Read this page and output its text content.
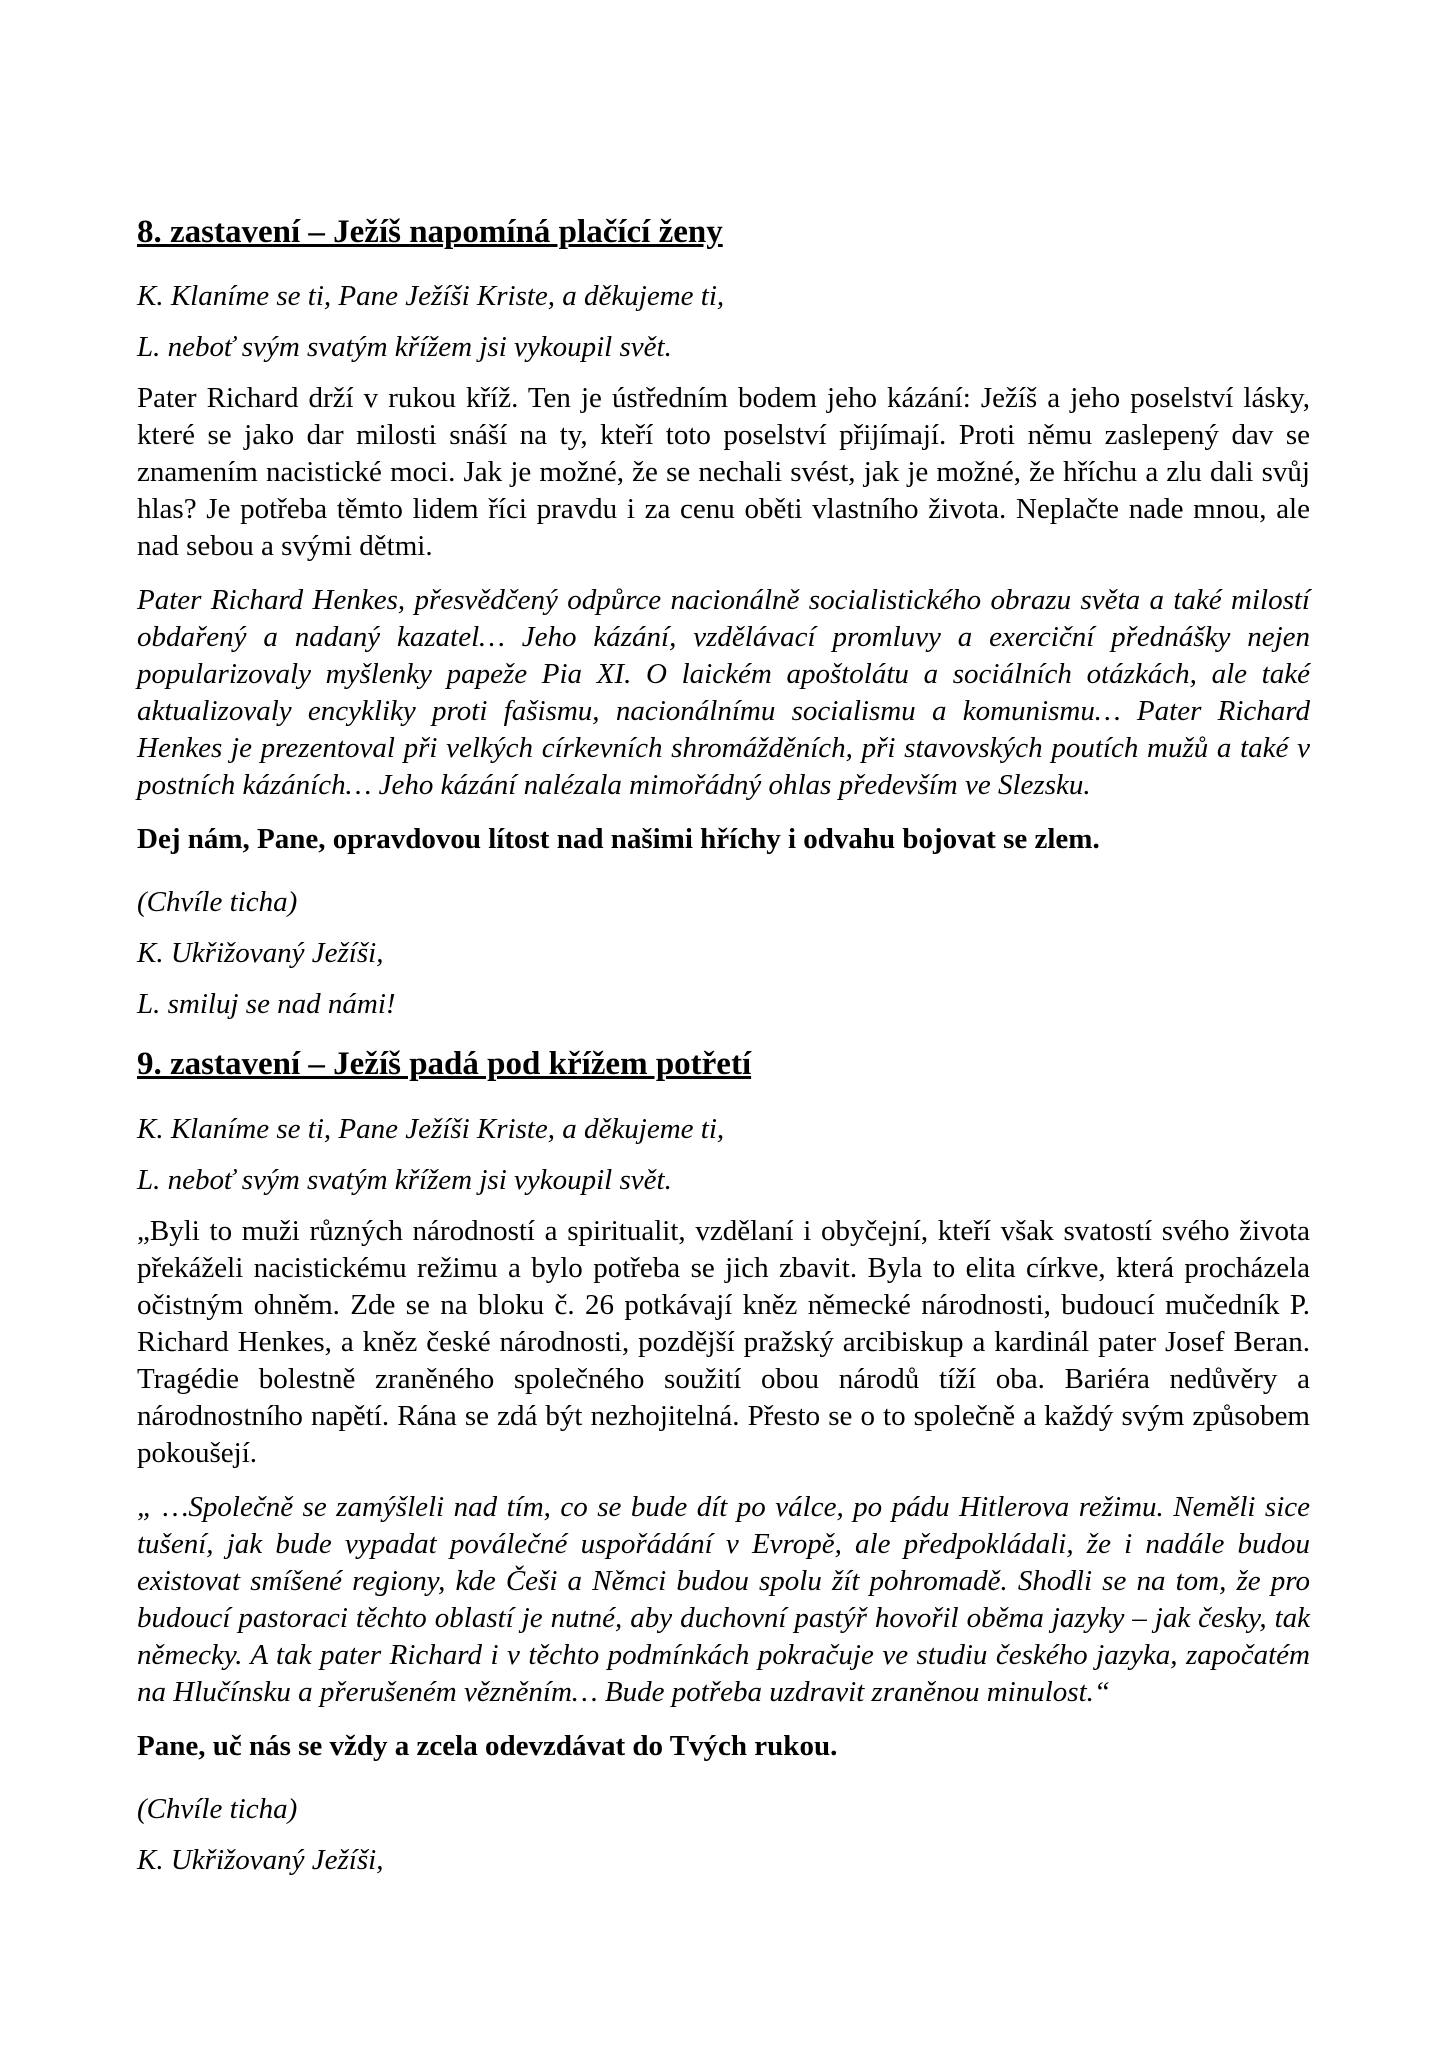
8. zastavení – Ježíš napomíná plačící ženy

K. Klaníme se ti, Pane Ježíši Kriste, a děkujeme ti,

L. neboť svým svatým křížem jsi vykoupil svět.

Pater Richard drží v rukou kříž. Ten je ústředním bodem jeho kázání: Ježíš a jeho poselství lásky, které se jako dar milosti snáší na ty, kteří toto poselství přijímají. Proti němu zaslepený dav se znamením nacistické moci. Jak je možné, že se nechali svést, jak je možné, že hříchu a zlu dali svůj hlas? Je potřeba těmto lidem říci pravdu i za cenu oběti vlastního života. Neplačte nade mnou, ale nad sebou a svými dětmi.

Pater Richard Henkes, přesvědčený odpůrce nacionálně socialistického obrazu světa a také milostí obdařený a nadaný kazatel… Jeho kázání, vzdělávací promluvy a exerciční přednášky nejen popularizovaly myšlenky papeže Pia XI. O laickém apoštolátu a sociálních otázkách, ale také aktualizovaly encykliky proti fašismu, nacionálnímu socialismu a komunismu… Pater Richard Henkes je prezentoval při velkých církevních shromážděních, při stavovských poutích mužů a také v postních kázáních… Jeho kázání nalézala mimořádný ohlas především ve Slezsku.

Dej nám, Pane, opravdovou lítost nad našimi hříchy i odvahu bojovat se zlem.

(Chvíle ticha)

K. Ukřižovaný Ježíši,

L. smiluj se nad námi!

9. zastavení – Ježíš padá pod křížem potřetí

K. Klaníme se ti, Pane Ježíši Kriste, a děkujeme ti,

L. neboť svým svatým křížem jsi vykoupil svět.

„Byli to muži různých národností a spiritualit, vzdělaní i obyčejní, kteří však svatostí svého života překáželi nacistickému režimu a bylo potřeba se jich zbavit. Byla to elita církve, která procházela očistným ohněm. Zde se na bloku č. 26 potkávají kněz německé národnosti, budoucí mučedník P. Richard Henkes, a kněz české národnosti, pozdější pražský arcibiskup a kardinál pater Josef Beran. Tragédie bolestně zraněného společného soužití obou národů tíží oba. Bariéra nedůvěry a národnostního napětí. Rána se zdá být nezhojitelná. Přesto se o to společně a každý svým způsobem pokoušejí.

„ …Společně se zamýšleli nad tím, co se bude dít po válce, po pádu Hitlerova režimu. Neměli sice tušení, jak bude vypadat poválečné uspořádání v Evropě, ale předpokládali, že i nadále budou existovat smíšené regiony, kde Češi a Němci budou spolu žít pohromadě. Shodli se na tom, že pro budoucí pastoraci těchto oblastí je nutné, aby duchovní pastýř hovořil oběma jazyky – jak česky, tak německy. A tak pater Richard i v těchto podmínkách pokračuje ve studiu českého jazyka, započatém na Hlučínsku a přerušeném vězněním… Bude potřeba uzdravit zraněnou minulost.“

Pane, uč nás se vždy a zcela odevzdávat do Tvých rukou.

(Chvíle ticha)

K. Ukřižovaný Ježíši,
